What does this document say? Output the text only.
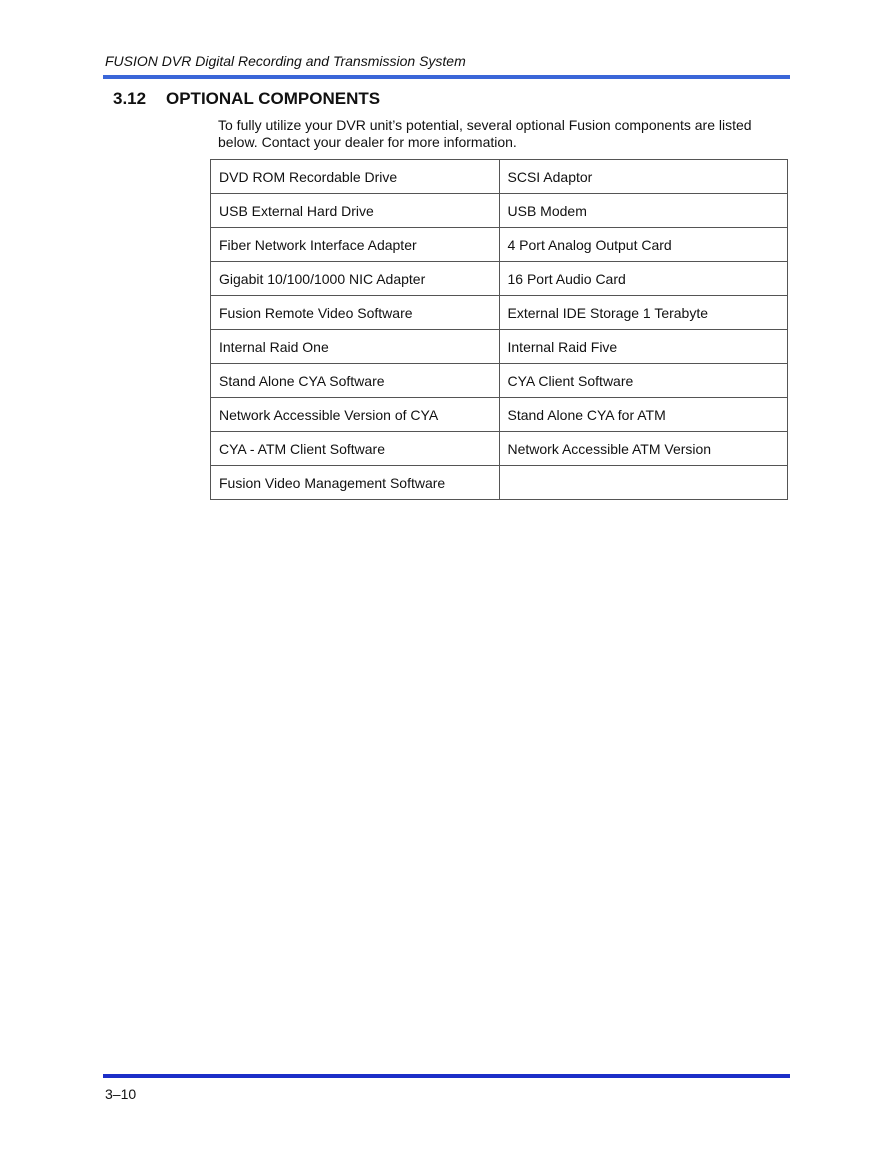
FUSION DVR Digital Recording and Transmission System
3.12 OPTIONAL COMPONENTS
To fully utilize your DVR unit’s potential, several optional Fusion components are listed below. Contact your dealer for more information.
DVD ROM Recordable Drive	SCSI Adaptor
USB External Hard Drive	USB Modem
Fiber Network Interface Adapter	4 Port Analog Output Card
Gigabit 10/100/1000 NIC Adapter	16 Port Audio Card
Fusion Remote Video Software	External IDE Storage 1 Terabyte
Internal Raid One	Internal Raid Five
Stand Alone CYA Software	CYA Client Software
Network Accessible Version of CYA	Stand Alone CYA for ATM
CYA - ATM Client Software	Network Accessible ATM Version
Fusion Video Management Software	
3–10
